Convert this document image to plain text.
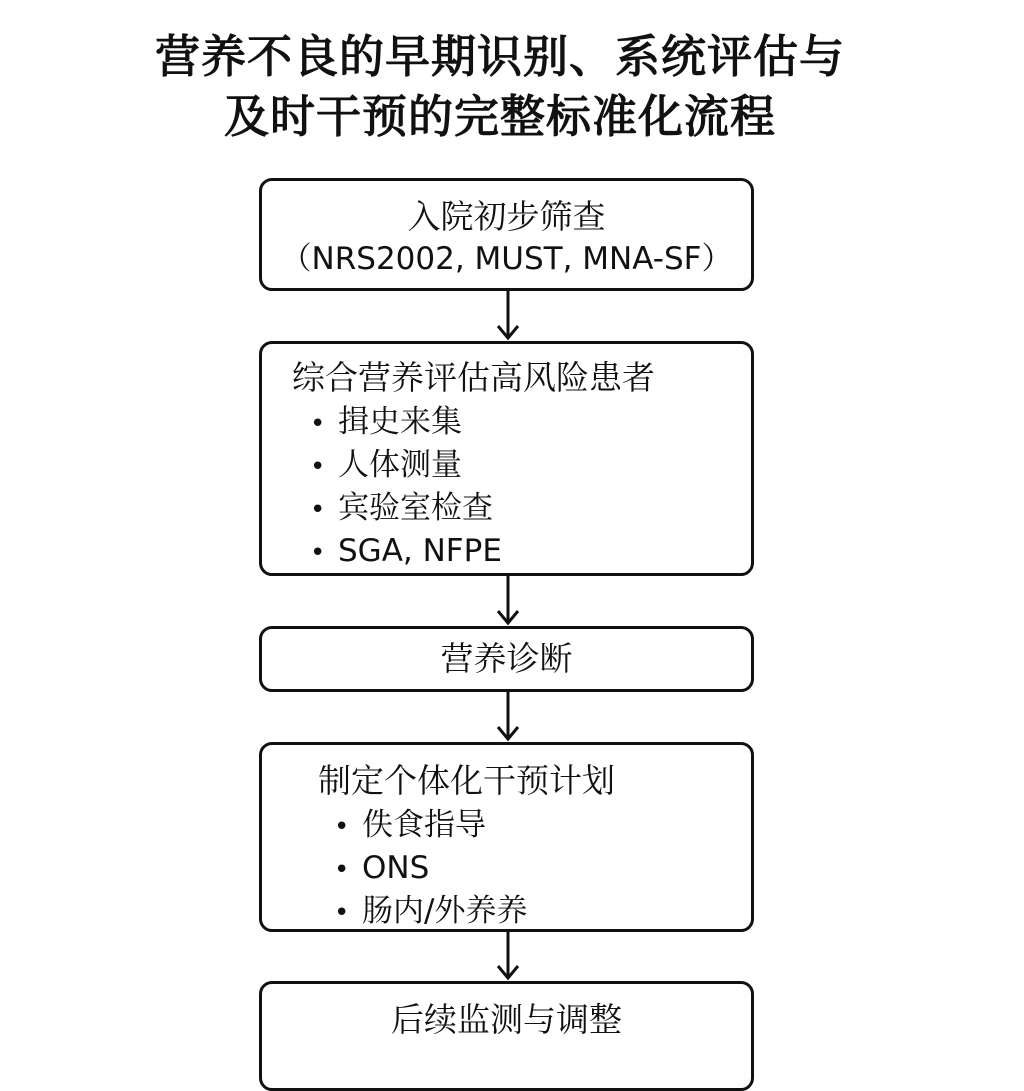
营养不良的早期识别、系统评估与
及时干预的完整标准化流程
入院初步筛查
（NRS2002, MUST, MNA-SF）
综合营养评估高风险患者
• 揖史来集
• 人体测量
• 宾验室检查
• SGA, NFPE
营养诊断
制定个体化干预计划
• 佚食指导
• ONS
• 肠内/外养养
后续监测与调整
